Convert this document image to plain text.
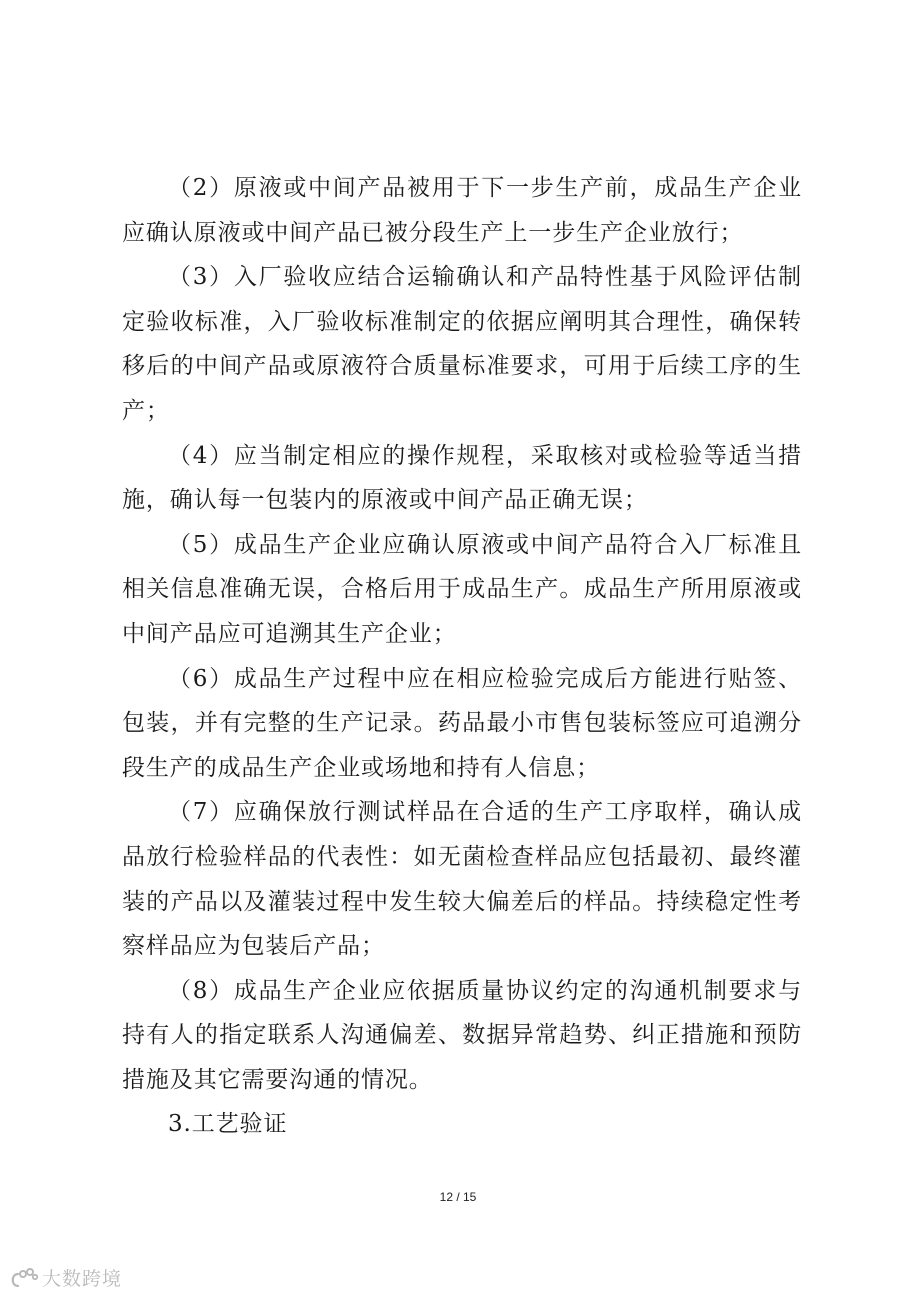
（2）原液或中间产品被用于下一步生产前，成品生产企业应确认原液或中间产品已被分段生产上一步生产企业放行；

（3）入厂验收应结合运输确认和产品特性基于风险评估制定验收标准，入厂验收标准制定的依据应阐明其合理性，确保转移后的中间产品或原液符合质量标准要求，可用于后续工序的生产；

（4）应当制定相应的操作规程，采取核对或检验等适当措施，确认每一包装内的原液或中间产品正确无误；

（5）成品生产企业应确认原液或中间产品符合入厂标准且相关信息准确无误，合格后用于成品生产。成品生产所用原液或中间产品应可追溯其生产企业；

（6）成品生产过程中应在相应检验完成后方能进行贴签、包装，并有完整的生产记录。药品最小市售包装标签应可追溯分段生产的成品生产企业或场地和持有人信息；

（7）应确保放行测试样品在合适的生产工序取样，确认成品放行检验样品的代表性：如无菌检查样品应包括最初、最终灌装的产品以及灌装过程中发生较大偏差后的样品。持续稳定性考察样品应为包装后产品；

（8）成品生产企业应依据质量协议约定的沟通机制要求与持有人的指定联系人沟通偏差、数据异常趋势、纠正措施和预防措施及其它需要沟通的情况。

3.工艺验证

12 / 15
大数跨境
